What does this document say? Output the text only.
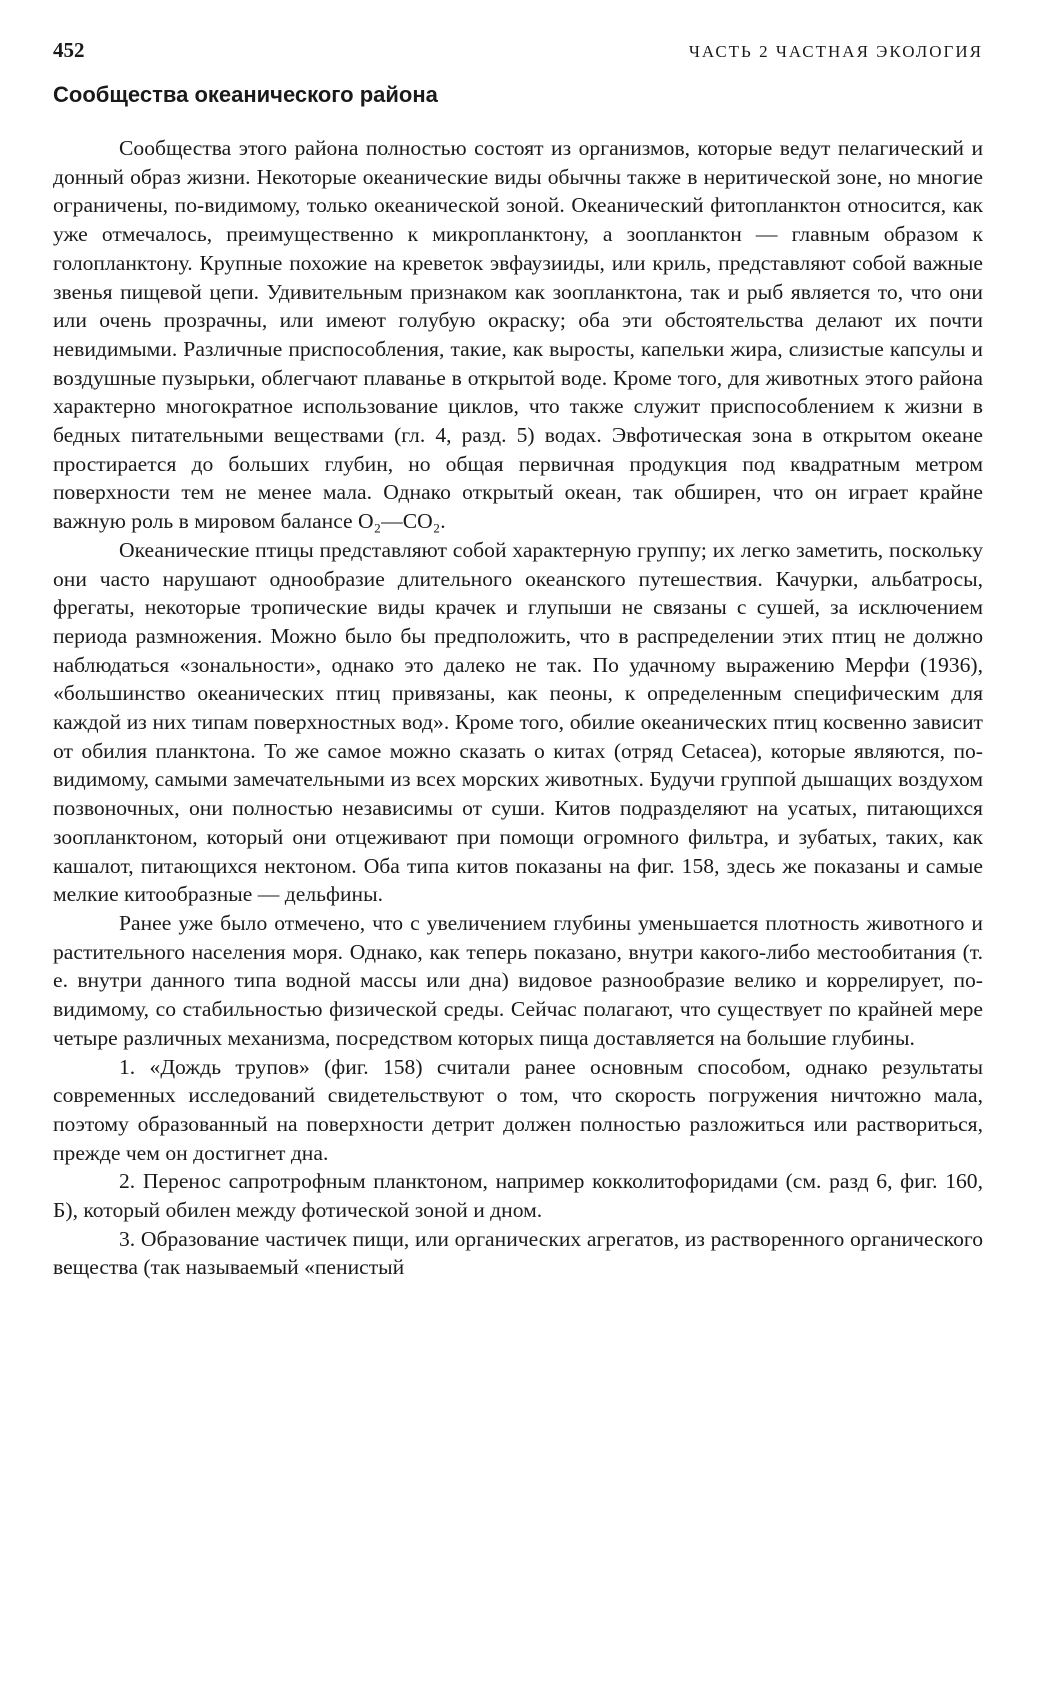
452	ЧАСТЬ 2 ЧАСТНАЯ ЭКОЛОГИЯ
Сообщества океанического района

Сообщества этого района полностью состоят из организмов, которые ведут пелагический и донный образ жизни. Некоторые океанические виды обычны также в неритической зоне, но многие ограничены, по-видимому, только океанической зоной. Океанический фитопланктон относится, как уже отмечалось, преимущественно к микропланктону, а зоопланктон — главным образом к голопланктону. Крупные похожие на креветок эвфаузииды, или криль, представляют собой важные звенья пищевой цепи. Удивительным признаком как зоопланктона, так и рыб является то, что они или очень прозрачны, или имеют голубую окраску; оба эти обстоятельства делают их почти невидимыми. Различные приспособления, такие, как выросты, капельки жира, слизистые капсулы и воздушные пузырьки, облегчают плаванье в открытой воде. Кроме того, для животных этого района характерно многократное использование циклов, что также служит приспособлением к жизни в бедных питательными веществами (гл. 4, разд. 5) водах. Эвфотическая зона в открытом океане простирается до больших глубин, но общая первичная продукция под квадратным метром поверхности тем не менее мала. Однако открытый океан, так обширен, что он играет крайне важную роль в мировом балансе O₂—CO₂.

Океанические птицы представляют собой характерную группу; их легко заметить, поскольку они часто нарушают однообразие длительного океанского путешествия. Качурки, альбатросы, фрегаты, некоторые тропические виды крачек и глупыши не связаны с сушей, за исключением периода размножения. Можно было бы предположить, что в распределении этих птиц не должно наблюдаться «зональности», однако это далеко не так. По удачному выражению Мерфи (1936), «большинство океанических птиц привязаны, как пеоны, к определенным специфическим для каждой из них типам поверхностных вод». Кроме того, обилие океанических птиц косвенно зависит от обилия планктона. То же самое можно сказать о китах (отряд Cetacea), которые являются, по-видимому, самыми замечательными из всех морских животных. Будучи группой дышащих воздухом позвоночных, они полностью независимы от суши. Китов подразделяют на усатых, питающихся зоопланктоном, который они отцеживают при помощи огромного фильтра, и зубатых, таких, как кашалот, питающихся нектоном. Оба типа китов показаны на фиг. 158, здесь же показаны и самые мелкие китообразные — дельфины.

Ранее уже было отмечено, что с увеличением глубины уменьшается плотность животного и растительного населения моря. Однако, как теперь показано, внутри какого-либо местообитания (т. е. внутри данного типа водной массы или дна) видовое разнообразие велико и коррелирует, по-видимому, со стабильностью физической среды. Сейчас полагают, что существует по крайней мере четыре различных механизма, посредством которых пища доставляется на большие глубины.

1. «Дождь трупов» (фиг. 158) считали ранее основным способом, однако результаты современных исследований свидетельствуют о том, что скорость погружения ничтожно мала, поэтому образованный на поверхности детрит должен полностью разложиться или раствориться, прежде чем он достигнет дна.

2. Перенос сапротрофным планктоном, например кокколитофоридами (см. разд 6, фиг. 160, Б), который обилен между фотической зоной и дном.

3. Образование частичек пищи, или органических агрегатов, из растворенного органического вещества (так называемый «пенистый
